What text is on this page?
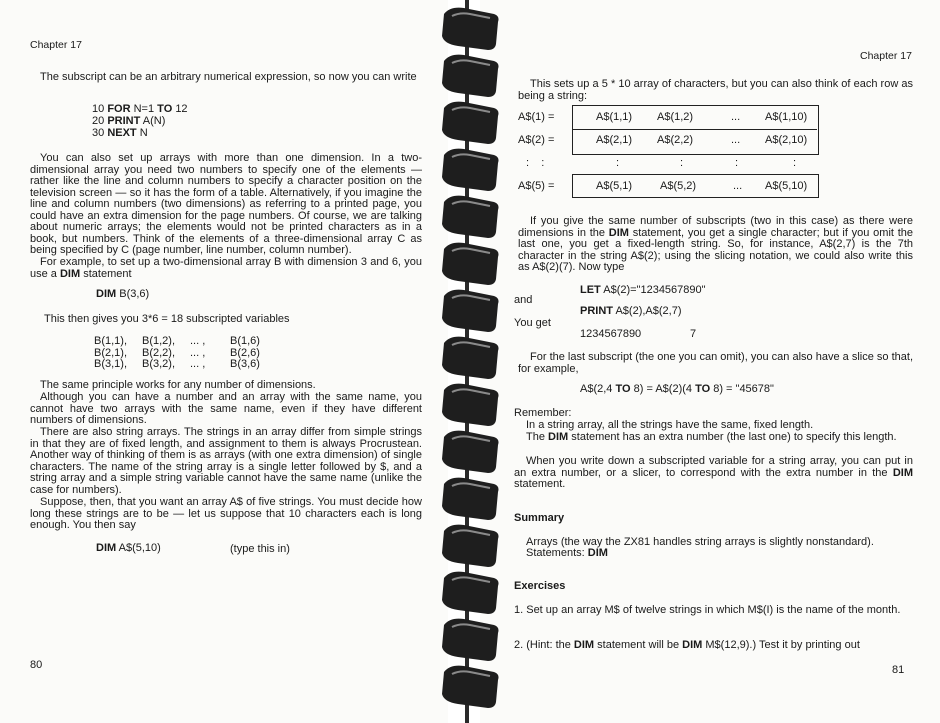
Chapter 17
The subscript can be an arbitrary numerical expression, so now you can write
10 FOR N=1 TO 12
20 PRINT A(N)
30 NEXT N
You can also set up arrays with more than one dimension. In a two-dimensional array you need two numbers to specify one of the elements — rather like the line and column numbers to specify a character position on the television screen — so it has the form of a table. Alternatively, if you imagine the line and column numbers (two dimensions) as referring to a printed page, you could have an extra dimension for the page numbers. Of course, we are talking about numeric arrays; the elements would not be printed characters as in a book, but numbers. Think of the elements of a three-dimensional array C as being specified by C (page number, line number, column number).
For example, to set up a two-dimensional array B with dimension 3 and 6, you use a DIM statement
DIM B(3,6)
This then gives you 3*6 = 18 subscripted variables
B(1,1),	B(1,2),	... ,	B(1,6)
B(2,1),	B(2,2),	... ,	B(2,6)
B(3,1),	B(3,2),	... ,	B(3,6)
The same principle works for any number of dimensions.
Although you can have a number and an array with the same name, you cannot have two arrays with the same name, even if they have different numbers of dimensions.
There are also string arrays. The strings in an array differ from simple strings in that they are of fixed length, and assignment to them is always Procrustean. Another way of thinking of them is as arrays (with one extra dimension) of single characters. The name of the string array is a single letter followed by $, and a string array and a simple string variable cannot have the same name (unlike the case for numbers).
Suppose, then, that you want an array A$ of five strings. You must decide how long these strings are to be — let us suppose that 10 characters each is long enough. You then say
DIM A$(5,10)	(type this in)
80
Chapter 17
This sets up a 5 * 10 array of characters, but you can also think of each row as being a string:
A$(1) =	A$(1,1) A$(1,2)	... A$(1,10)
A$(2) =	A$(2,1) A$(2,2)	... A$(2,10)
:    :	:	:	:	:
A$(5) =	A$(5,1)	A$(5,2)	... A$(5,10)
If you give the same number of subscripts (two in this case) as there were dimensions in the DIM statement, you get a single character; but if you omit the last one, you get a fixed-length string. So, for instance, A$(2,7) is the 7th character in the string A$(2); using the slicing notation, we could also write this as A$(2)(7). Now type
LET A$(2)="1234567890"
and
PRINT A$(2),A$(2,7)
You get
1234567890	7
For the last subscript (the one you can omit), you can also have a slice so that, for example,
A$(2,4 TO 8) = A$(2)(4 TO 8) = "45678"
Remember:
In a string array, all the strings have the same, fixed length.
The DIM statement has an extra number (the last one) to specify this length.
When you write down a subscripted variable for a string array, you can put in an extra number, or a slicer, to correspond with the extra number in the DIM statement.
Summary
Arrays (the way the ZX81 handles string arrays is slightly nonstandard).
Statements: DIM
Exercises
1. Set up an array M$ of twelve strings in which M$(I) is the name of the month.
2. (Hint: the DIM statement will be DIM M$(12,9).) Test it by printing out
81
